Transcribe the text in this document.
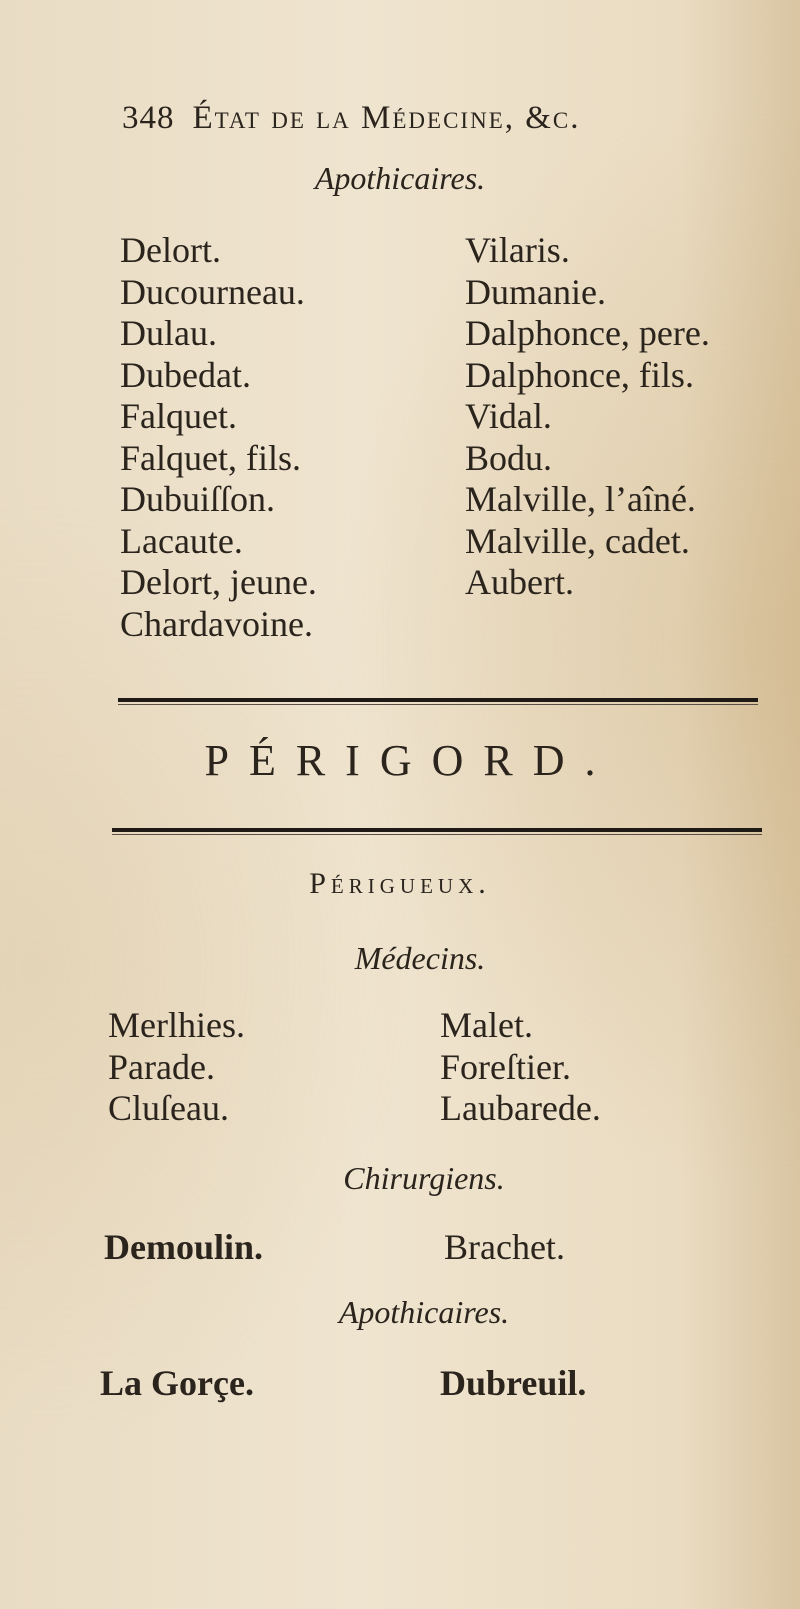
348 État de la Médecine, &c.
Apothicaires.
Delort.
Ducourneau.
Dulau.
Dubedat.
Falquet.
Falquet, fils.
Dubuiſſon.
Lacaute.
Delort, jeune.
Chardavoine.
Vilaris.
Dumanie.
Dalphonce, pere.
Dalphonce, fils.
Vidal.
Bodu.
Malville, l’aîné.
Malville, cadet.
Aubert.
PÉRIGORD.
Périgueux.
Médecins.
Merlhies.
Parade.
Cluſeau.
Malet.
Foreſtier.
Laubarede.
Chirurgiens.
Demoulin.	Brachet.
Apothicaires.
La Gorçe.	Dubreuil.
